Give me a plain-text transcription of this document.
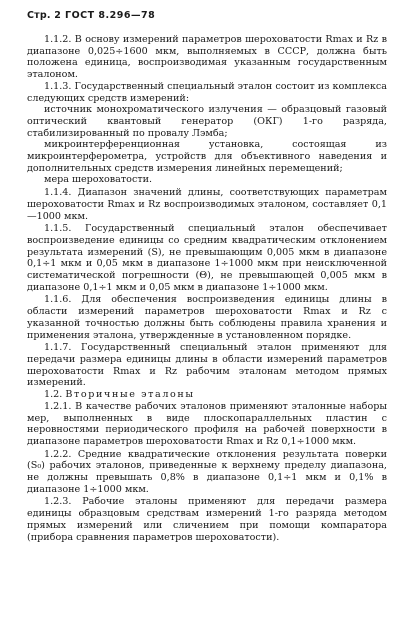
Стр. 2 ГОСТ 8.296—78

1.1.2. В основу измерений параметров шероховатости Rmax и Rz в диапазоне 0,025÷1600 мкм, выполняемых в СССР, должна быть положена единица, воспроизводимая указанным государственным эталоном.

1.1.3. Государственный специальный эталон состоит из комплекса следующих средств измерений:

источник монохроматического излучения — образцовый газовый оптический квантовый генератор (ОКГ) 1-го разряда, стабилизированный по провалу Лэмба;

микроинтерференционная установка, состоящая из микроинтерферометра, устройств для объективного наведения и дополнительных средств измерения линейных перемещений;

мера шероховатости.

1.1.4. Диапазон значений длины, соответствующих параметрам шероховатости Rmax и Rz воспроизводимых эталоном, составляет 0,1—1000 мкм.

1.1.5. Государственный специальный эталон обеспечивает воспроизведение единицы со средним квадратическим отклонением результата измерений (S), не превышающим 0,005 мкм в диапазоне 0,1÷1 мкм и 0,05 мкм в диапазоне 1÷1000 мкм при неисключенной систематической погрешности (Θ), не превышающей 0,005 мкм в диапазоне 0,1÷1 мкм и 0,05 мкм в диапазоне 1÷1000 мкм.

1.1.6. Для обеспечения воспроизведения единицы длины в области измерений параметров шероховатости Rmax и Rz с указанной точностью должны быть соблюдены правила хранения и применения эталона, утвержденные в установленном порядке.

1.1.7. Государственный специальный эталон применяют для передачи размера единицы длины в области измерений параметров шероховатости Rmax и Rz рабочим эталонам методом прямых измерений.

1.2. Вторичные эталоны

1.2.1. В качестве рабочих эталонов применяют эталонные наборы мер, выполненных в виде плоскопараллельных пластин с неровностями периодического профиля на рабочей поверхности в диапазоне параметров шероховатости Rmax и Rz 0,1÷1000 мкм.

1.2.2. Средние квадратические отклонения результата поверки (S₀) рабочих эталонов, приведенные к верхнему пределу диапазона, не должны превышать 0,8% в диапазоне 0,1÷1 мкм и 0,1% в диапазоне 1÷1000 мкм.

1.2.3. Рабочие эталоны применяют для передачи размера единицы образцовым средствам измерений 1-го разряда методом прямых измерений или сличением при помощи компаратора (прибора сравнения параметров шероховатости).
